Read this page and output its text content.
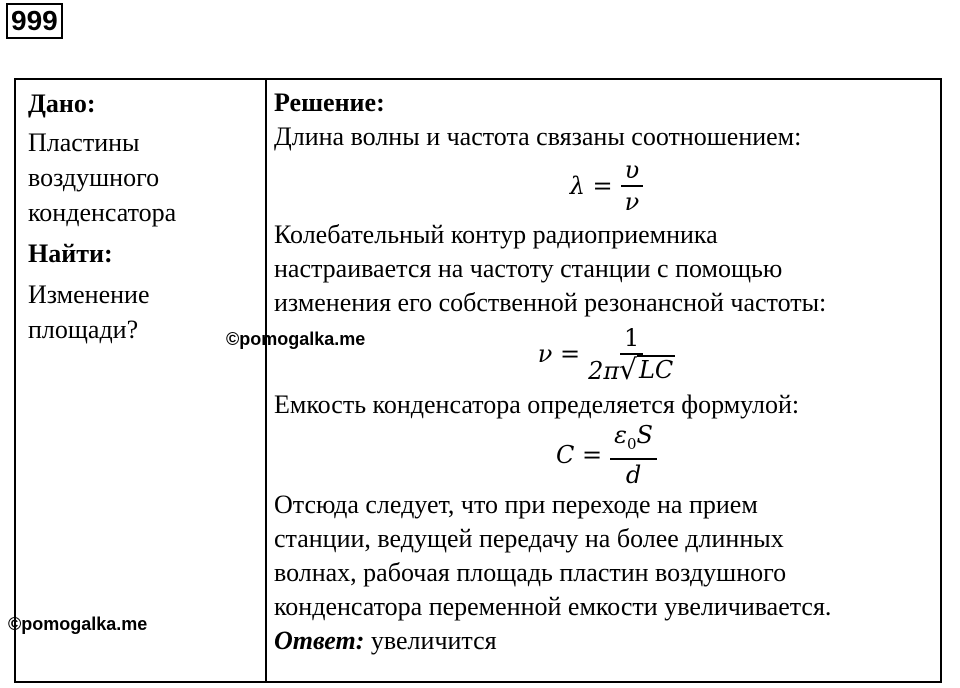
999
Дано:
Пластины
воздушного
конденсатора
Найти:
Изменение
площади?
Решение:
Длина волны и частота связаны соотношением:
$\lambda = \frac{\upsilon}{\nu}$
Колебательный контур радиоприемника
настраивается на частоту станции с помощью
изменения его собственной резонансной частоты:
$\nu = \frac{1}{2\pi √ LC}$
Емкость конденсатора определяется формулой:
$C = \frac{\varepsilon_0S}{d}$
Отсюда следует, что при переходе на прием
станции, ведущей передачу на более длинных
волнах, рабочая площадь пластин воздушного
конденсатора переменной емкости увеличивается.
Ответ: увеличится
©pomogalka.me
©pomogalka.me
